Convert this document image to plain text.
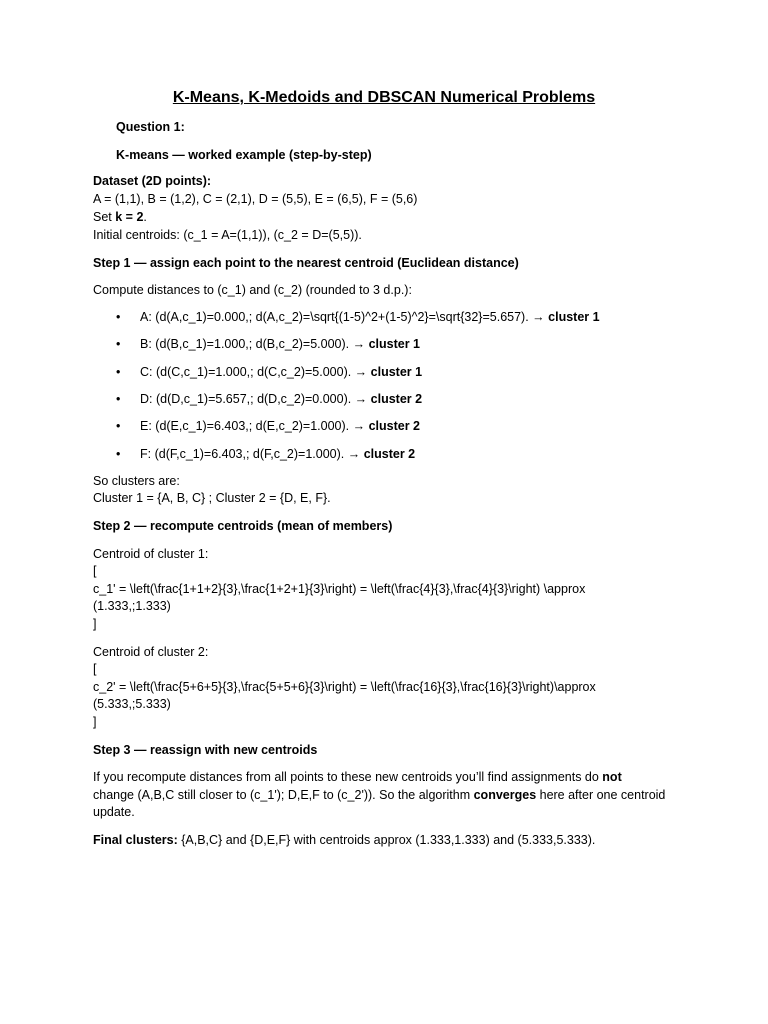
K-Means, K-Medoids and DBSCAN Numerical Problems
Question 1:
K-means — worked example (step-by-step)
Dataset (2D points):
A = (1,1), B = (1,2), C = (2,1), D = (5,5), E = (6,5), F = (5,6)
Set k = 2.
Initial centroids: (c_1 = A=(1,1)), (c_2 = D=(5,5)).
Step 1 — assign each point to the nearest centroid (Euclidean distance)
Compute distances to (c_1) and (c_2) (rounded to 3 d.p.):
•	A: (d(A,c_1)=0.000,; d(A,c_2)=\sqrt{(1-5)^2+(1-5)^2}=\sqrt{32}=5.657). → cluster 1
•	B: (d(B,c_1)=1.000,; d(B,c_2)=5.000). → cluster 1
•	C: (d(C,c_1)=1.000,; d(C,c_2)=5.000). → cluster 1
•	D: (d(D,c_1)=5.657,; d(D,c_2)=0.000). → cluster 2
•	E: (d(E,c_1)=6.403,; d(E,c_2)=1.000). → cluster 2
•	F: (d(F,c_1)=6.403,; d(F,c_2)=1.000). → cluster 2
So clusters are:
Cluster 1 = {A, B, C} ; Cluster 2 = {D, E, F}.
Step 2 — recompute centroids (mean of members)
Centroid of cluster 1:
[
c_1' = \left(\frac{1+1+2}{3},\frac{1+2+1}{3}\right) = \left(\frac{4}{3},\frac{4}{3}\right) \approx
(1.333,;1.333)
]
Centroid of cluster 2:
[
c_2' = \left(\frac{5+6+5}{3},\frac{5+5+6}{3}\right) = \left(\frac{16}{3},\frac{16}{3}\right)\approx
(5.333,;5.333)
]
Step 3 — reassign with new centroids
If you recompute distances from all points to these new centroids you’ll find assignments do not
change (A,B,C still closer to (c_1'); D,E,F to (c_2')). So the algorithm converges here after one centroid
update.
Final clusters: {A,B,C} and {D,E,F} with centroids approx (1.333,1.333) and (5.333,5.333).
